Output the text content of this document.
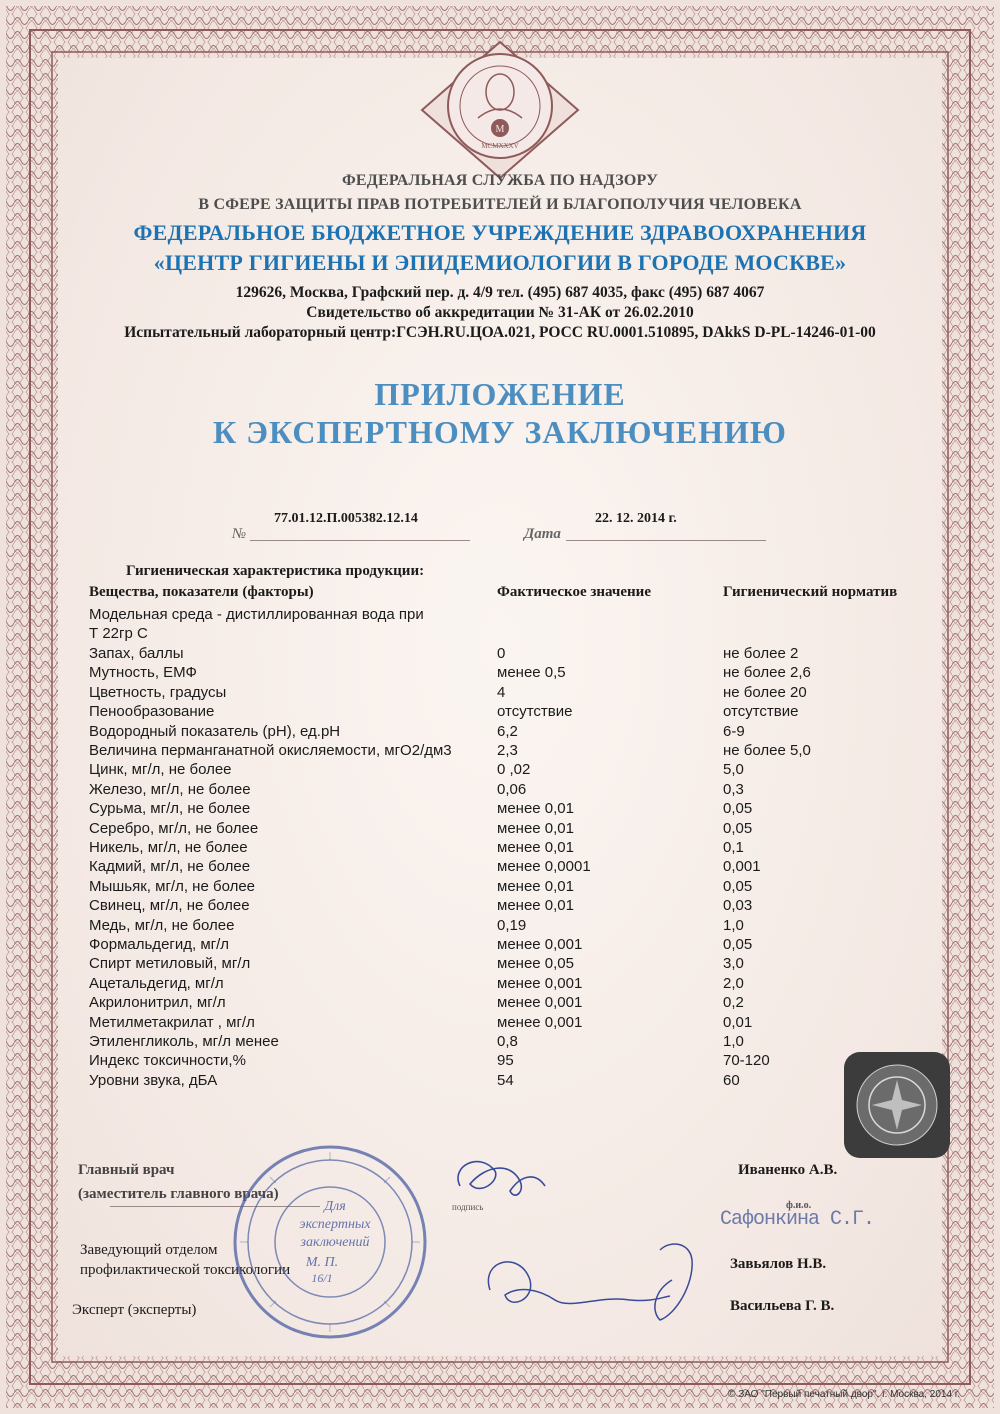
M
MCMXXXV
ФЕДЕРАЛЬНАЯ СЛУЖБА ПО НАДЗОРУ
В СФЕРЕ ЗАЩИТЫ ПРАВ ПОТРЕБИТЕЛЕЙ И БЛАГОПОЛУЧИЯ ЧЕЛОВЕКА
ФЕДЕРАЛЬНОЕ БЮДЖЕТНОЕ УЧРЕЖДЕНИЕ ЗДРАВООХРАНЕНИЯ
«ЦЕНТР ГИГИЕНЫ И ЭПИДЕМИОЛОГИИ В ГОРОДЕ МОСКВЕ»
129626, Москва, Графский пер. д. 4/9 тел. (495) 687 4035, факс (495) 687 4067
Свидетельство об аккредитации № 31-АК от 26.02.2010
Испытательный лабораторный центр:ГСЭН.RU.ЦОА.021, РОСС RU.0001.510895, DAkkS D-PL-14246-01-00
ПРИЛОЖЕНИЕ
К ЭКСПЕРТНОМУ ЗАКЛЮЧЕНИЮ
77.01.12.П.005382.12.14
№
22. 12. 2014 г.
Дата
Гигиеническая характеристика продукции:
Вещества, показатели (факторы)	Фактическое значение	Гигиенический норматив
Модельная среда - дистиллированная вода при
Т 22гр С
Запах, баллы	0	не более 2
Мутность, ЕМФ	менее 0,5	не более 2,6
Цветность, градусы	4	не более 20
Пенообразование	отсутствие	отсутствие
Водородный показатель (рН), ед.рН	6,2	6-9
Величина перманганатной окисляемости, мгО2/дм3	2,3	не более 5,0
Цинк, мг/л, не более	0 ,02	5,0
Железо, мг/л, не более	0,06	0,3
Сурьма, мг/л, не более	менее 0,01	0,05
Серебро, мг/л, не более	менее 0,01	0,05
Никель, мг/л, не более	менее 0,01	0,1
Кадмий, мг/л, не более	менее 0,0001	0,001
Мышьяк, мг/л, не более	менее 0,01	0,05
Свинец, мг/л, не более	менее 0,01	0,03
Медь, мг/л, не более	0,19	1,0
Формальдегид, мг/л	менее 0,001	0,05
Спирт метиловый, мг/л	менее 0,05	3,0
Ацетальдегид, мг/л	менее 0,001	2,0
Акрилонитрил, мг/л	менее 0,001	0,2
Метилметакрилат , мг/л	менее 0,001	0,01
Этиленгликоль, мг/л менее	0,8	1,0
Индекс токсичности,%	95	70-120
Уровни звука, дБА	54	60
Главный врач
(заместитель главного врача)
подпись	ф.и.о.
Иваненко А.В.
Сафонкина С.Г.
Заведующий отделом
профилактической токсикологии	Завьялов Н.В.
Эксперт (эксперты)	Васильева Г. В.
Для
экспертных
заключений
М. П.
16/1
© ЗАО "Первый печатный двор", г. Москва, 2014 г.
